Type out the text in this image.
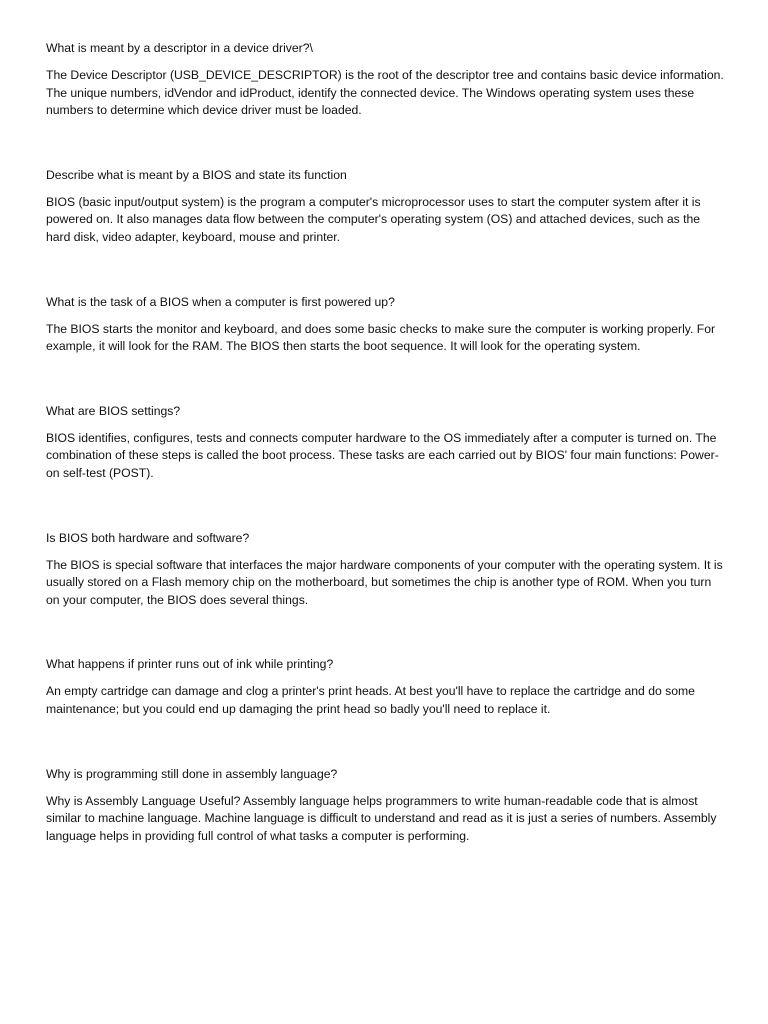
What is meant by a descriptor in a device driver?\

The Device Descriptor (USB_DEVICE_DESCRIPTOR) is the root of the descriptor tree and contains basic device information. The unique numbers, idVendor and idProduct, identify the connected device. The Windows operating system uses these numbers to determine which device driver must be loaded.

Describe what is meant by a BIOS and state its function

BIOS (basic input/output system) is the program a computer's microprocessor uses to start the computer system after it is powered on. It also manages data flow between the computer's operating system (OS) and attached devices, such as the hard disk, video adapter, keyboard, mouse and printer.

What is the task of a BIOS when a computer is first powered up?

The BIOS starts the monitor and keyboard, and does some basic checks to make sure the computer is working properly. For example, it will look for the RAM. The BIOS then starts the boot sequence. It will look for the operating system.

What are BIOS settings?

BIOS identifies, configures, tests and connects computer hardware to the OS immediately after a computer is turned on. The combination of these steps is called the boot process. These tasks are each carried out by BIOS' four main functions: Power-on self-test (POST).

Is BIOS both hardware and software?

The BIOS is special software that interfaces the major hardware components of your computer with the operating system. It is usually stored on a Flash memory chip on the motherboard, but sometimes the chip is another type of ROM. When you turn on your computer, the BIOS does several things.

What happens if printer runs out of ink while printing?

An empty cartridge can damage and clog a printer's print heads. At best you'll have to replace the cartridge and do some maintenance; but you could end up damaging the print head so badly you'll need to replace it.

Why is programming still done in assembly language?

Why is Assembly Language Useful? Assembly language helps programmers to write human-readable code that is almost similar to machine language. Machine language is difficult to understand and read as it is just a series of numbers. Assembly language helps in providing full control of what tasks a computer is performing.
